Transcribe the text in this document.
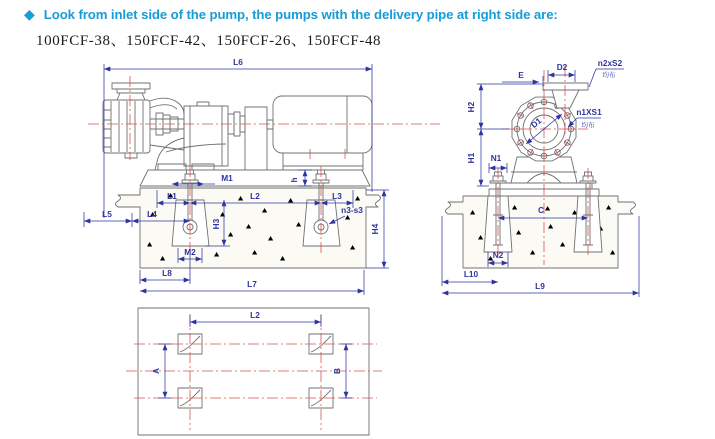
◆ Look from inlet side of the pump, the pumps with the delivery pipe at right side are:
100FCF-38、150FCF-42、150FCF-26、150FCF-48
L6
L5	L4
L1	L2	L3
M1	h
H3	H4
M2
L8
L7
n3-s3
E
D2	n2xS2
均布
n1XS1
均布
D1
H2
H1 N1
C
N2
L10
L9
L2
A	B
